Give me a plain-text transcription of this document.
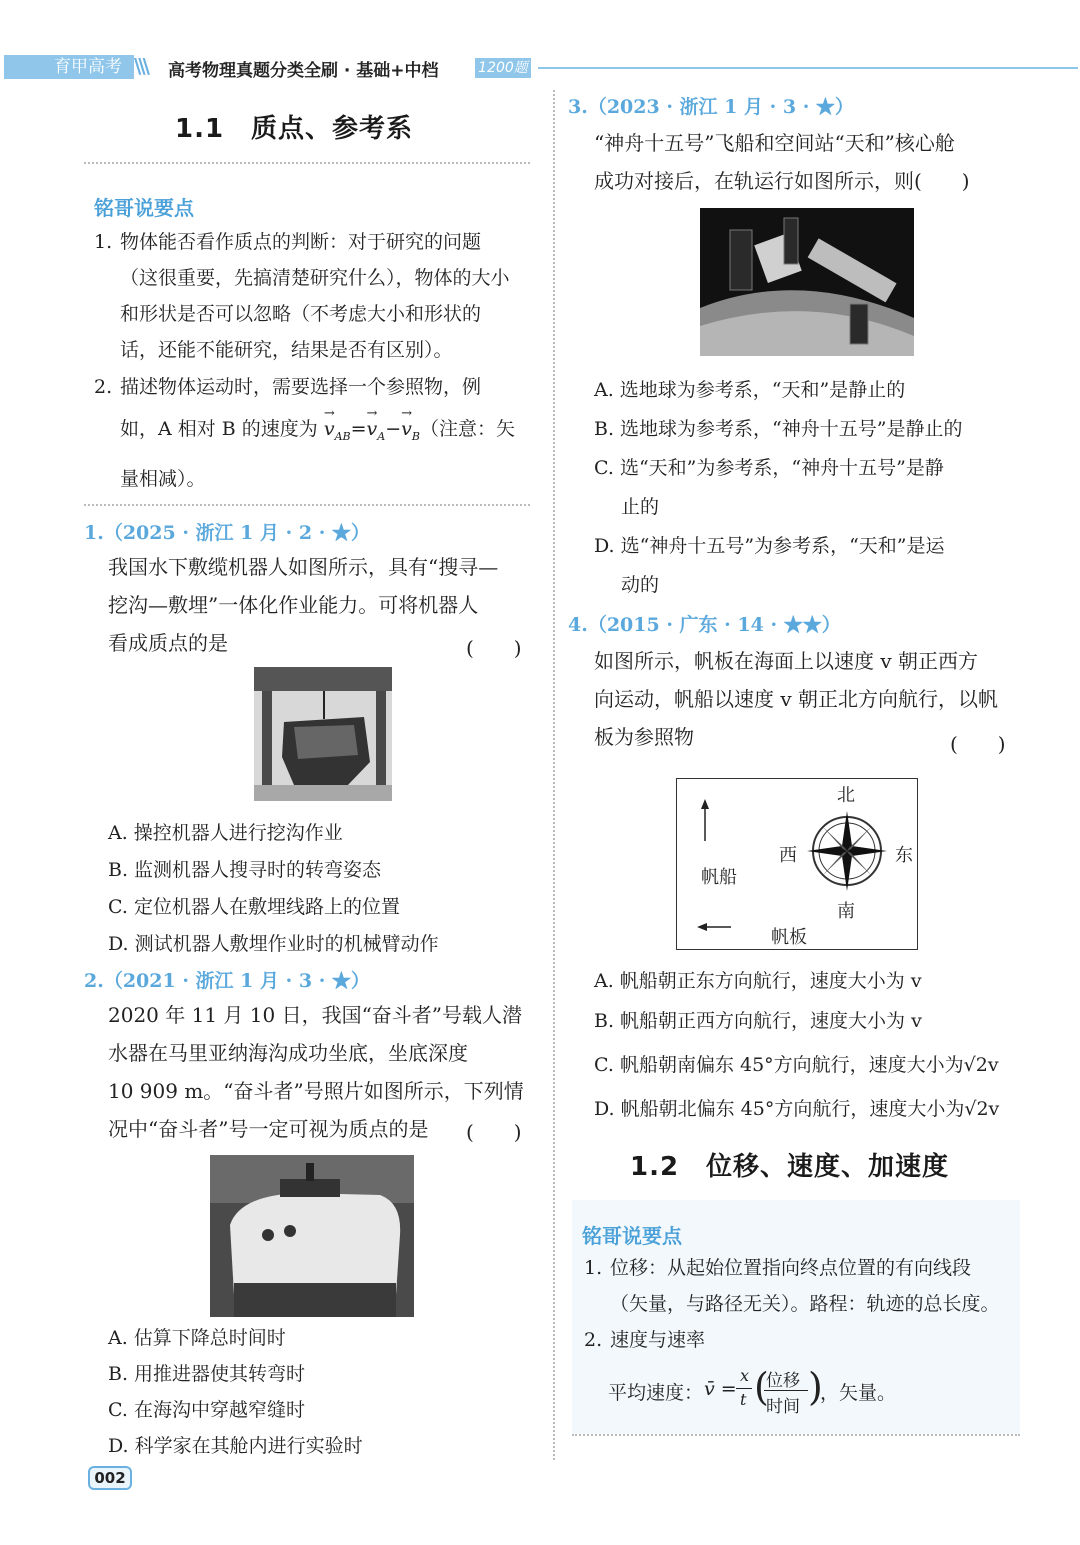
育甲高考 \\\ 高考物理真题分类全刷 · 基础+中档	1200题
1.1　质点、参考系
铭哥说要点
1. 物体能否看作质点的判断：对于研究的问题
（这很重要，先搞清楚研究什么），物体的大小
和形状是否可以忽略（不考虑大小和形状的
话，还能不能研究，结果是否有区别）。
2. 描述物体运动时，需要选择一个参照物，例
如，A 相对 B 的速度为 → $v_{AB}=\to v_A-\to v_B$（注意：矢
量相减）。
1.（2025 · 浙江 1 月 · 2 · ★）
我国水下敷缆机器人如图所示，具有“搜寻—
挖沟—敷埋”一体化作业能力。可将机器人
看成质点的是	(　　)
A. 操控机器人进行挖沟作业
B. 监测机器人搜寻时的转弯姿态
C. 定位机器人在敷埋线路上的位置
D. 测试机器人敷埋作业时的机械臂动作
2.（2021 · 浙江 1 月 · 3 · ★）
2020 年 11 月 10 日，我国“奋斗者”号载人潜
水器在马里亚纳海沟成功坐底，坐底深度
10 909 m。“奋斗者”号照片如图所示，下列情
况中“奋斗者”号一定可视为质点的是	(　　)
A. 估算下降总时间时
B. 用推进器使其转弯时
C. 在海沟中穿越窄缝时
D. 科学家在其舱内进行实验时
002
3.（2023 · 浙江 1 月 · 3 · ★）
“神舟十五号”飞船和空间站“天和”核心舱
成功对接后，在轨运行如图所示，则(　　)
A. 选地球为参考系，“天和”是静止的
B. 选地球为参考系，“神舟十五号”是静止的
C. 选“天和”为参考系，“神舟十五号”是静
止的
D. 选“神舟十五号”为参考系，“天和”是运
动的
4.（2015 · 广东 · 14 · ★★）
如图所示，帆板在海面上以速度 v 朝正西方
向运动，帆船以速度 v 朝正北方向航行，以帆
板为参照物	(　　)
北
南
西	东
帆船
帆板
A. 帆船朝正东方向航行，速度大小为 v
B. 帆船朝正西方向航行，速度大小为 v
C. 帆船朝南偏东 45°方向航行，速度大小为√2v
D. 帆船朝北偏东 45°方向航行，速度大小为√2v
1.2　位移、速度、加速度
铭哥说要点
1. 位移：从起始位置指向终点位置的有向线段
（矢量，与路径无关）。路程：轨迹的总长度。
2. 速度与速率
平均速度： v̄ =
x
t (
位移
时间 )
，矢量。
